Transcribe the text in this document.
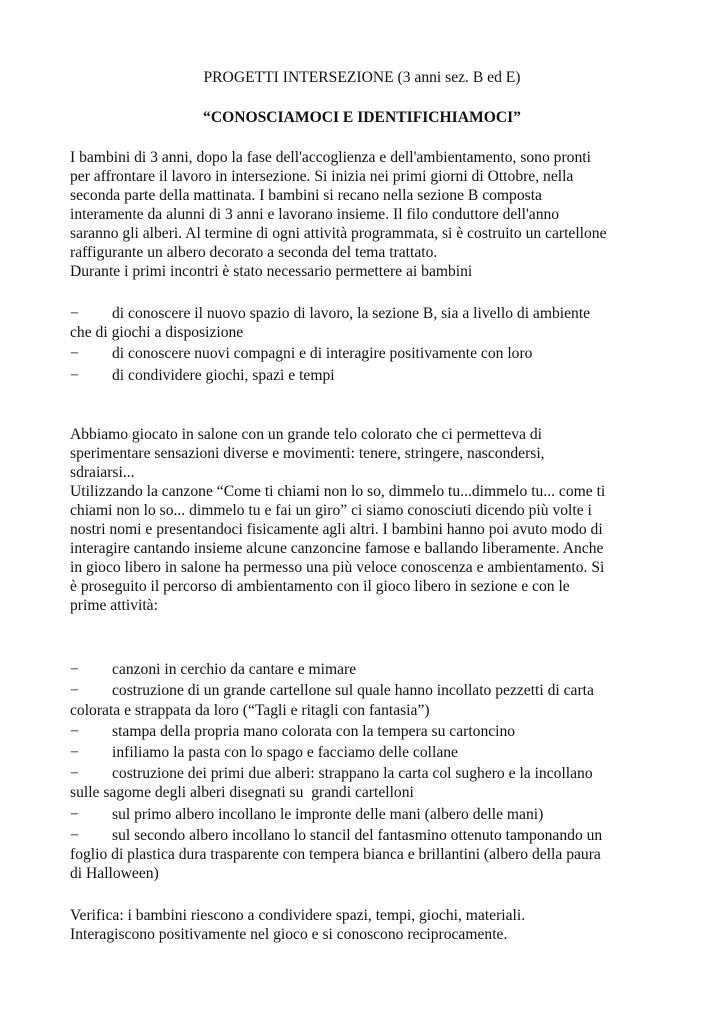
PROGETTI INTERSEZIONE (3 anni sez. B ed E)
“CONOSCIAMOCI E IDENTIFICHIAMOCI”
I bambini di 3 anni, dopo la fase dell'accoglienza e dell'ambientamento, sono pronti
per affrontare il lavoro in intersezione. Si inizia nei primi giorni di Ottobre, nella
seconda parte della mattinata. I bambini si recano nella sezione B composta
interamente da alunni di 3 anni e lavorano insieme. Il filo conduttore dell'anno
saranno gli alberi. Al termine di ogni attività programmata, si è costruito un cartellone
raffigurante un albero decorato a seconda del tema trattato.
Durante i primi incontri è stato necessario permettere ai bambini
− di conoscere il nuovo spazio di lavoro, la sezione B, sia a livello di ambiente
che di giochi a disposizione
− di conoscere nuovi compagni e di interagire positivamente con loro
− di condividere giochi, spazi e tempi
Abbiamo giocato in salone con un grande telo colorato che ci permetteva di
sperimentare sensazioni diverse e movimenti: tenere, stringere, nascondersi,
sdraiarsi...
Utilizzando la canzone “Come ti chiami non lo so, dimmelo tu...dimmelo tu... come ti
chiami non lo so... dimmelo tu e fai un giro” ci siamo conosciuti dicendo più volte i
nostri nomi e presentandoci fisicamente agli altri. I bambini hanno poi avuto modo di
interagire cantando insieme alcune canzoncine famose e ballando liberamente. Anche
in gioco libero in salone ha permesso una più veloce conoscenza e ambientamento. Si
è proseguito il percorso di ambientamento con il gioco libero in sezione e con le
prime attività:
− canzoni in cerchio da cantare e mimare
− costruzione di un grande cartellone sul quale hanno incollato pezzetti di carta
colorata e strappata da loro (“Tagli e ritagli con fantasia”)
− stampa della propria mano colorata con la tempera su cartoncino
− infiliamo la pasta con lo spago e facciamo delle collane
− costruzione dei primi due alberi: strappano la carta col sughero e la incollano
sulle sagome degli alberi disegnati su  grandi cartelloni
− sul primo albero incollano le impronte delle mani (albero delle mani)
− sul secondo albero incollano lo stancil del fantasmino ottenuto tamponando un
foglio di plastica dura trasparente con tempera bianca e brillantini (albero della paura
di Halloween)
Verifica: i bambini riescono a condividere spazi, tempi, giochi, materiali.
Interagiscono positivamente nel gioco e si conoscono reciprocamente.
